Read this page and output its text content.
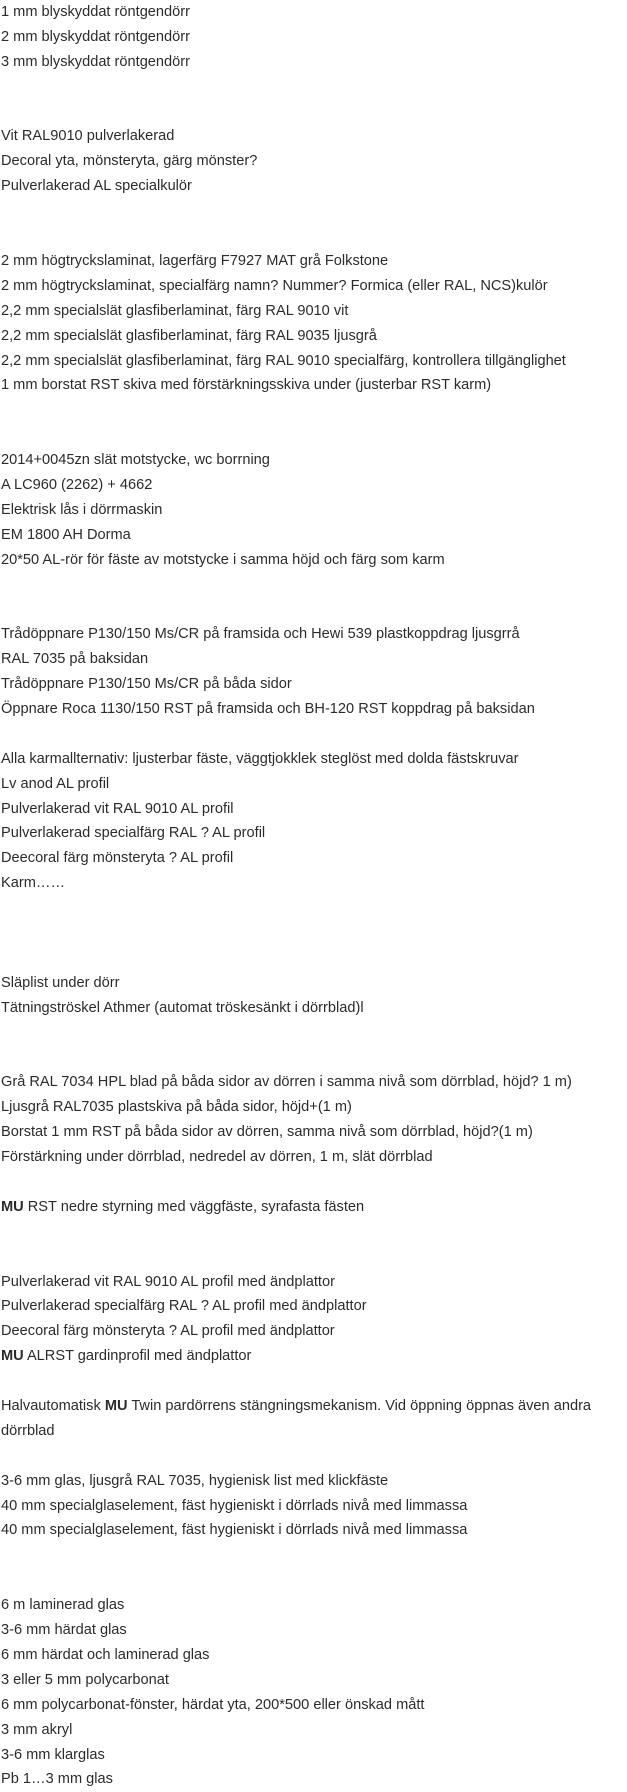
1 mm blyskyddat röntgendörr
2 mm blyskyddat röntgendörr
3 mm blyskyddat röntgendörr
Vit RAL9010 pulverlakerad
Decoral yta, mönsteryta, gärg mönster?
Pulverlakerad AL specialkulör
2 mm högtryckslaminat, lagerfärg F7927 MAT grå Folkstone
2 mm högtryckslaminat, specialfärg namn? Nummer? Formica (eller RAL, NCS)kulör
2,2 mm specialslät glasfiberlaminat, färg RAL 9010 vit
2,2 mm specialslät glasfiberlaminat, färg RAL 9035 ljusgrå
2,2 mm specialslät glasfiberlaminat, färg RAL 9010 specialfärg, kontrollera tillgänglighet
1 mm borstat RST skiva med förstärkningsskiva under (justerbar RST karm)
2014+0045zn slät motstycke, wc borrning
A LC960 (2262) + 4662
Elektrisk lås i dörrmaskin
EM 1800 AH Dorma
20*50 AL-rör för fäste av motstycke i samma höjd och färg som karm
Trådöppnare P130/150 Ms/CR på framsida och Hewi 539 plastkoppdrag ljusgrrå
RAL 7035 på baksidan
Trådöppnare P130/150 Ms/CR på båda sidor
Öppnare Roca 1130/150 RST på framsida och BH-120 RST koppdrag på baksidan
Alla karmallternativ: ljusterbar fäste, väggtjokklek steglöst med dolda fästskruvar
Lv anod AL profil
Pulverlakerad vit RAL 9010 AL profil
Pulverlakerad specialfärg RAL ? AL profil
Deecoral färg mönsteryta ? AL profil
Karm……
Släplist under dörr
Tätningströskel Athmer (automat tröskesänkt i dörrblad)l
Grå RAL 7034 HPL blad på båda sidor av dörren i samma nivå som dörrblad, höjd? 1 m)
Ljusgrå RAL7035 plastskiva på båda sidor, höjd+(1 m)
Borstat 1 mm RST på båda sidor av dörren, samma nivå som dörrblad, höjd?(1 m)
Förstärkning under dörrblad, nedredel av dörren, 1 m, slät dörrblad
MU RST nedre styrning med väggfäste, syrafasta fästen
Pulverlakerad vit RAL 9010 AL profil med ändplattor
Pulverlakerad specialfärg RAL ? AL profil med ändplattor
Deecoral färg mönsteryta ? AL profil med ändplattor
MU ALRST gardinprofil med ändplattor
Halvautomatisk MU Twin pardörrens stängningsmekanism. Vid öppning öppnas även andra dörrblad
3-6 mm glas, ljusgrå RAL 7035, hygienisk list med klickfäste
40 mm specialglaselement, fäst hygieniskt i dörrlads nivå med limmassa
40 mm specialglaselement, fäst hygieniskt i dörrlads nivå med limmassa
6 m laminerad glas
3-6 mm härdat glas
6 mm härdat och laminerad glas
3 eller 5 mm polycarbonat
6 mm polycarbonat-fönster, härdat yta, 200*500 eller önskad mått
3 mm akryl
3-6 mm klarglas
Pb 1…3 mm glas
